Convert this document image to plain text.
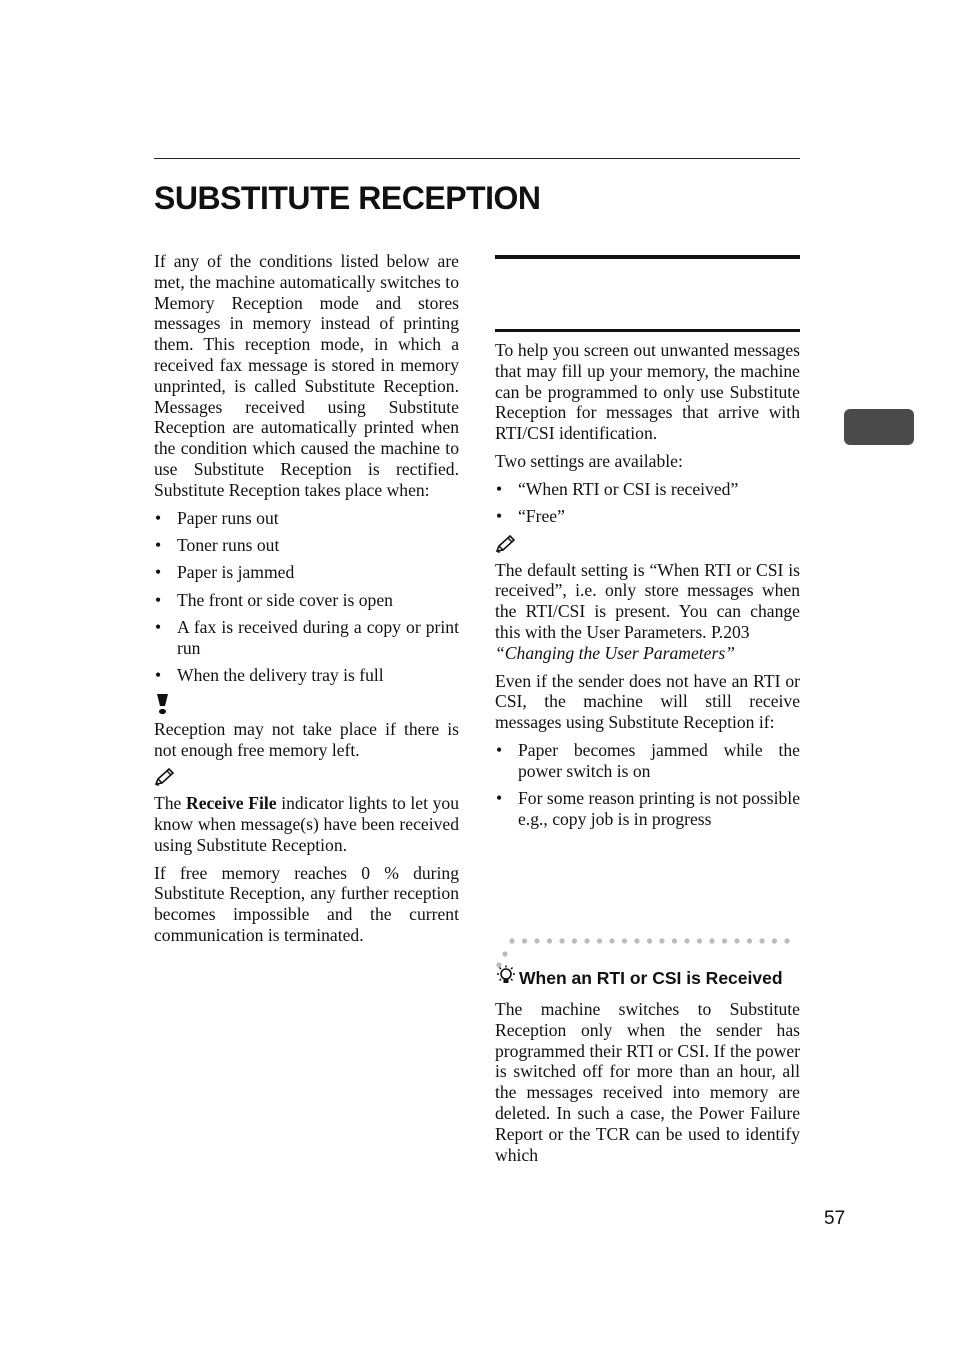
SUBSTITUTE RECEPTION

If any of the conditions listed below are met, the machine automatically switches to Memory Reception mode and stores messages in memory instead of printing them. This reception mode, in which a received fax message is stored in memory unprinted, is called Substitute Reception. Messages received using Substitute Reception are automatically printed when the condition which caused the machine to use Substitute Reception is rectified. Substitute Reception takes place when:

• Paper runs out
• Toner runs out
• Paper is jammed
• The front or side cover is open
• A fax is received during a copy or print run
• When the delivery tray is full

Reception may not take place if there is not enough free memory left.

The Receive File indicator lights to let you know when message(s) have been received using Substitute Reception.

If free memory reaches 0 % during Substitute Reception, any further reception becomes impossible and the current communication is terminated.

To help you screen out unwanted messages that may fill up your memory, the machine can be programmed to only use Substitute Reception for messages that arrive with RTI/CSI identification.

Two settings are available:

• “When RTI or CSI is received”
• “Free”

The default setting is “When RTI or CSI is received”, i.e. only store messages when the RTI/CSI is present. You can change this with the User Parameters. P.203
“Changing the User Parameters”

Even if the sender does not have an RTI or CSI, the machine will still receive messages using Substitute Reception if:

• Paper becomes jammed while the power switch is on
• For some reason printing is not possible e.g., copy job is in progress
When an RTI or CSI is Received

The machine switches to Substitute Reception only when the sender has programmed their RTI or CSI. If the power is switched off for more than an hour, all the messages received into memory are deleted. In such a case, the Power Failure Report or the TCR can be used to identify which

57
